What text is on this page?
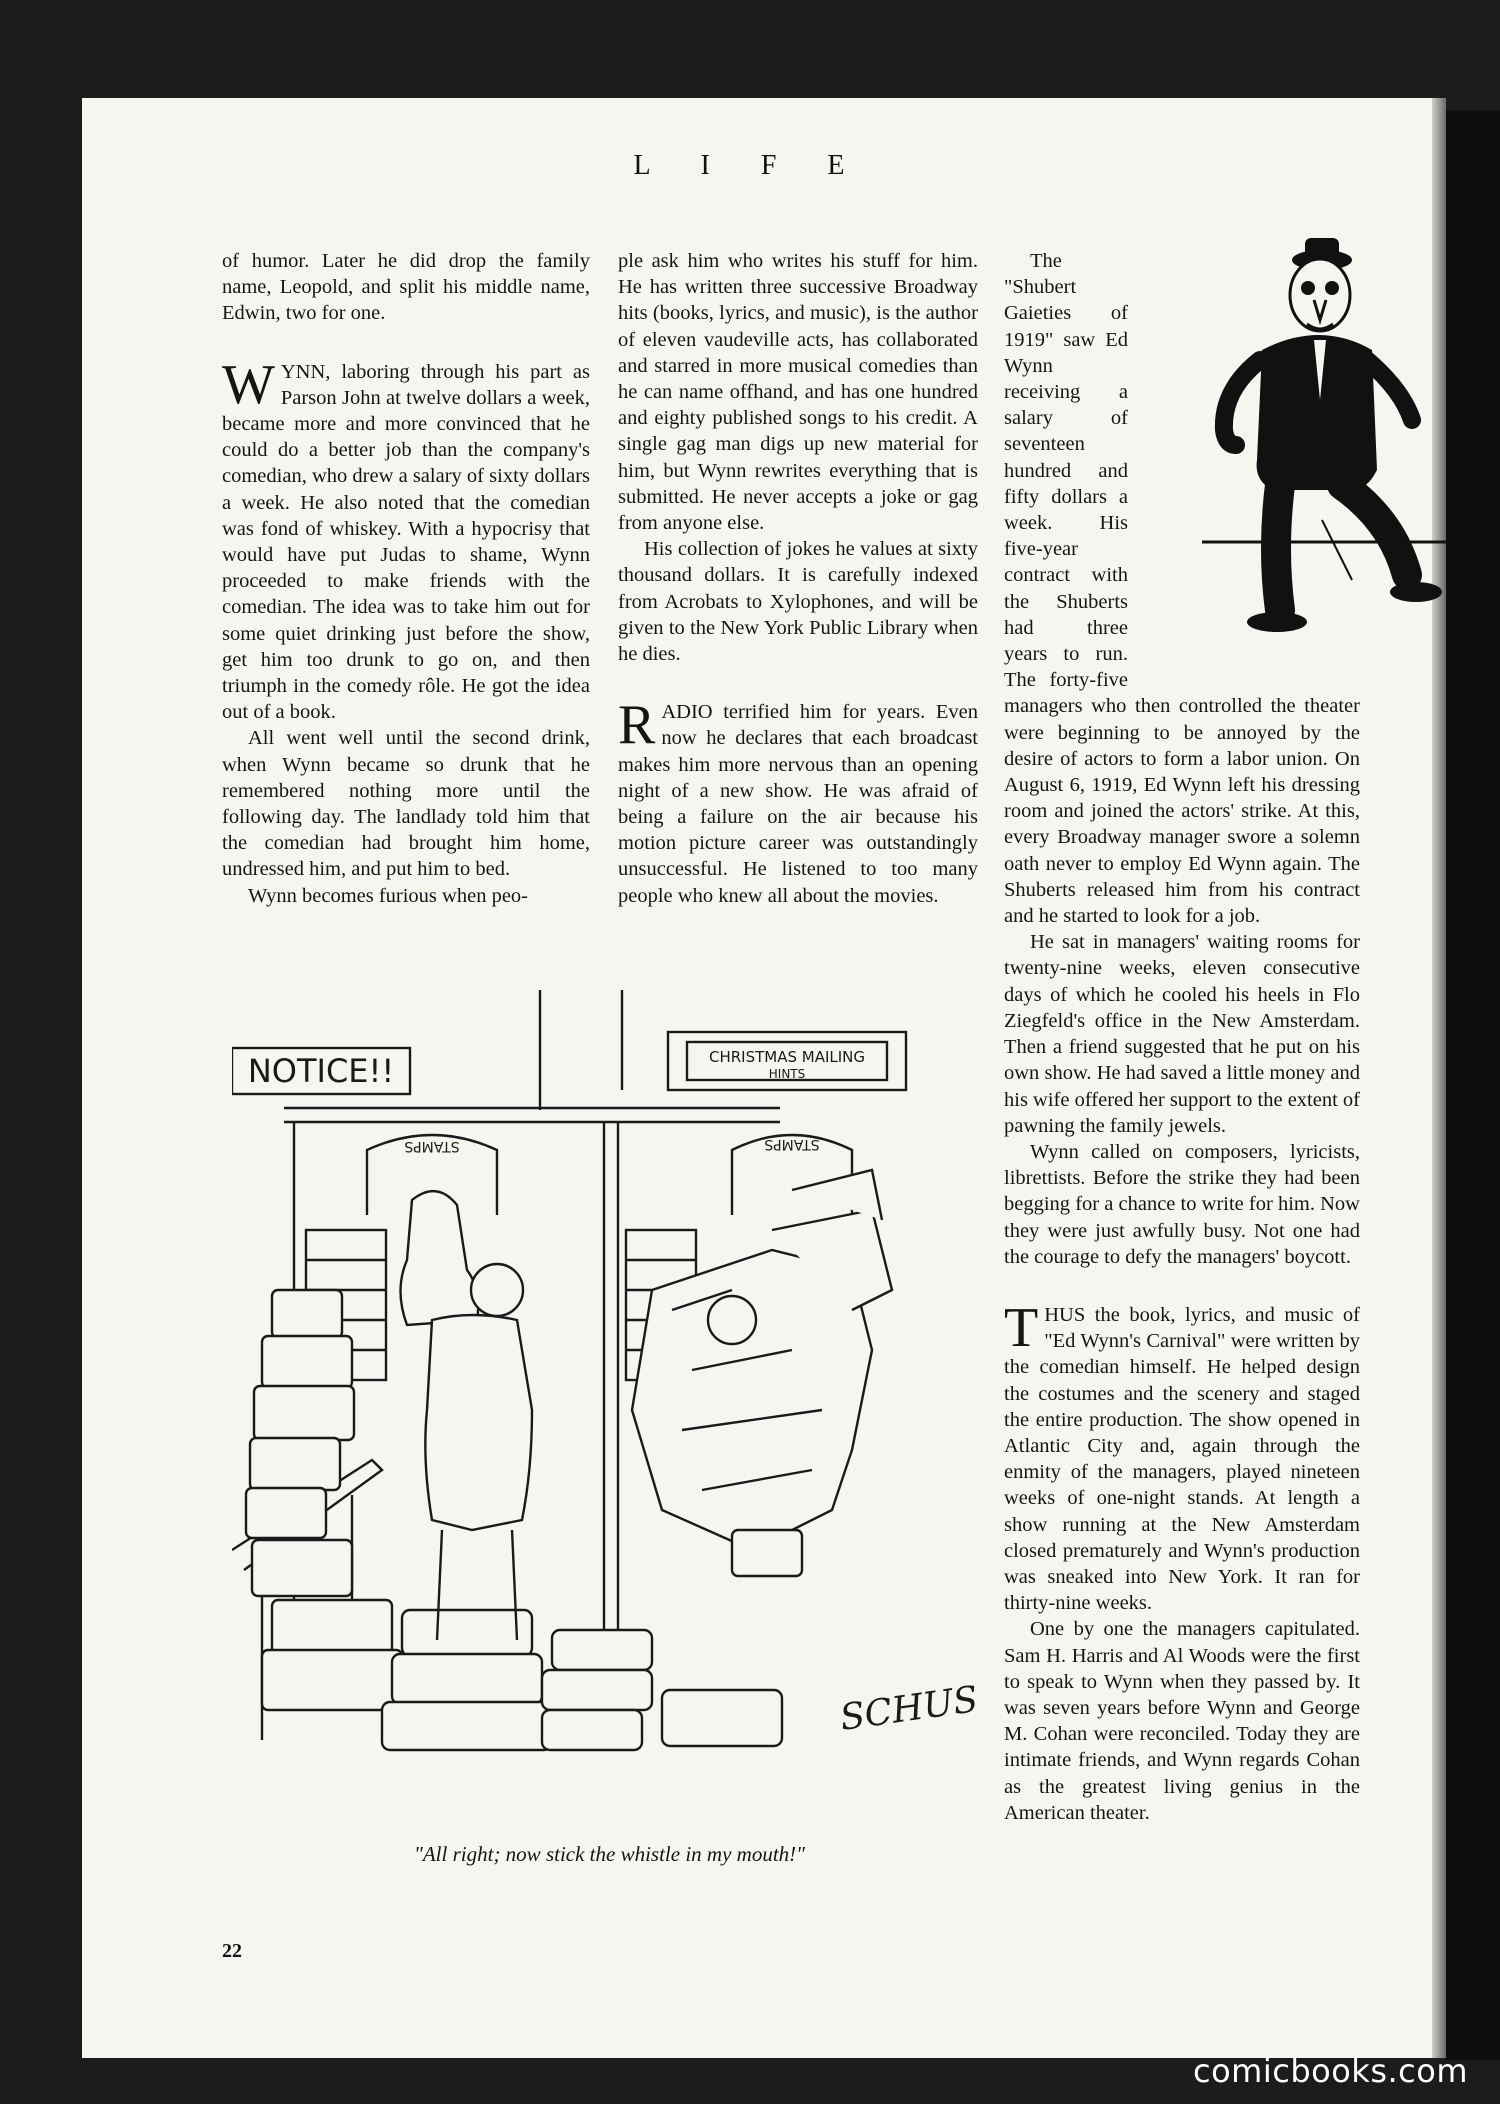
L I F E

of humor. Later he did drop the family name, Leopold, and split his middle name, Edwin, two for one.

WYNN, laboring through his part as Parson John at twelve dollars a week, became more and more convinced that he could do a better job than the company's comedian, who drew a salary of sixty dollars a week. He also noted that the comedian was fond of whiskey. With a hypocrisy that would have put Judas to shame, Wynn proceeded to make friends with the comedian. The idea was to take him out for some quiet drinking just before the show, get him too drunk to go on, and then triumph in the comedy rôle. He got the idea out of a book.

All went well until the second drink, when Wynn became so drunk that he remembered nothing more until the following day. The landlady told him that the comedian had brought him home, undressed him, and put him to bed.

Wynn becomes furious when peo-

ple ask him who writes his stuff for him. He has written three successive Broadway hits (books, lyrics, and music), is the author of eleven vaudeville acts, has collaborated and starred in more musical comedies than he can name offhand, and has one hundred and eighty published songs to his credit. A single gag man digs up new material for him, but Wynn rewrites everything that is submitted. He never accepts a joke or gag from anyone else.

His collection of jokes he values at sixty thousand dollars. It is carefully indexed from Acrobats to Xylophones, and will be given to the New York Public Library when he dies.

RADIO terrified him for years. Even now he declares that each broadcast makes him more nervous than an opening night of a new show. He was afraid of being a failure on the air because his motion picture career was outstandingly unsuccessful. He listened to too many people who knew all about the movies.

The "Shubert Gaieties of 1919" saw Ed Wynn receiving a salary of seventeen hundred and fifty dollars a week. His five-year contract with the Shuberts had three years to run. The forty-five managers who then controlled the theater were beginning to be annoyed by the desire of actors to form a labor union. On August 6, 1919, Ed Wynn left his dressing room and joined the actors' strike. At this, every Broadway manager swore a solemn oath never to employ Ed Wynn again. The Shuberts released him from his contract and he started to look for a job.

He sat in managers' waiting rooms for twenty-nine weeks, eleven consecutive days of which he cooled his heels in Flo Ziegfeld's office in the New Amsterdam. Then a friend suggested that he put on his own show. He had saved a little money and his wife offered her support to the extent of pawning the family jewels.

Wynn called on composers, lyricists, librettists. Before the strike they had been begging for a chance to write for him. Now they were just awfully busy. Not one had the courage to defy the managers' boycott.

THUS the book, lyrics, and music of "Ed Wynn's Carnival" were written by the comedian himself. He helped design the costumes and the scenery and staged the entire production. The show opened in Atlantic City and, again through the enmity of the managers, played nineteen weeks of one-night stands. At length a show running at the New Amsterdam closed prematurely and Wynn's production was sneaked into New York. It ran for thirty-nine weeks.

One by one the managers capitulated. Sam H. Harris and Al Woods were the first to speak to Wynn when they passed by. It was seven years before Wynn and George M. Cohan were reconciled. Today they are intimate friends, and Wynn regards Cohan as the greatest living genius in the American theater.

NOTICE!!	CHRISTMAS MAILING
HINTS
STAMPS	STAMPS
SCHUS
"All right; now stick the whistle in my mouth!"
22
comicbooks.com
